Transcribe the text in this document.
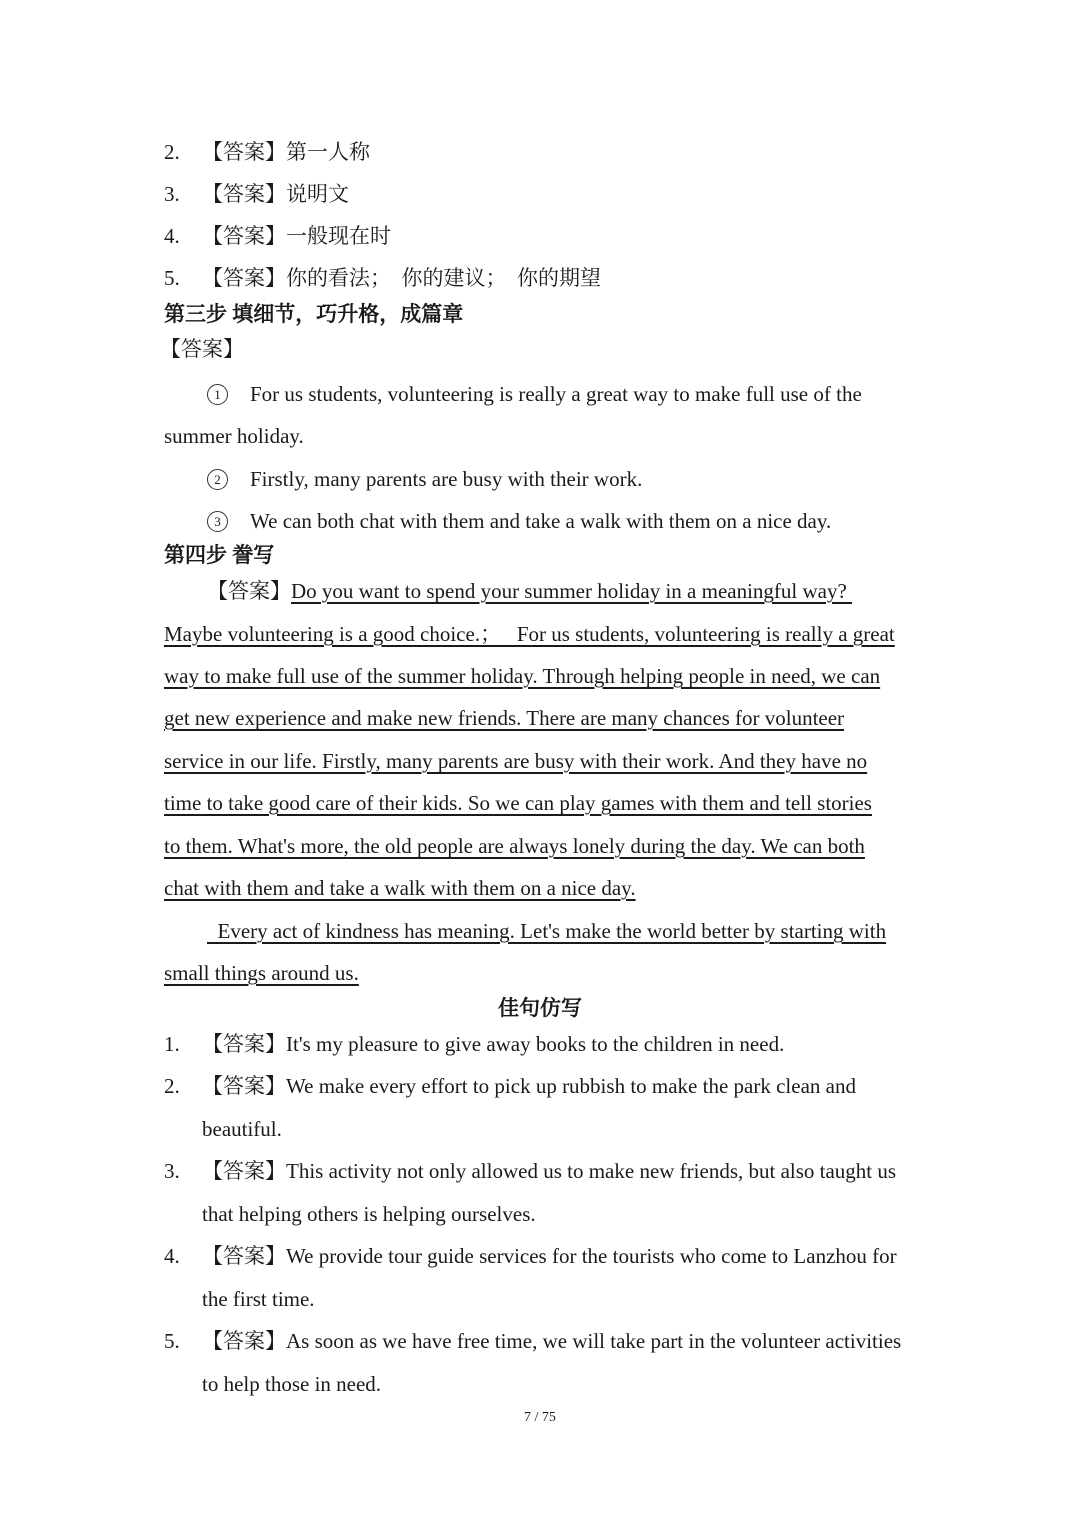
2. 【答案】第一人称
3. 【答案】说明文
4. 【答案】一般现在时
5. 【答案】你的看法；  你的建议；  你的期望
第三步 填细节，巧升格，成篇章
【答案】
1 For us students, volunteering is really a great way to make full use of the
summer holiday.
2 Firstly, many parents are busy with their work.
3 We can both chat with them and take a walk with them on a nice day.
第四步 誊写
【答案】Do you want to spend your summer holiday in a meaningful way?
Maybe volunteering is a good choice.；   For us students, volunteering is really a great
way to make full use of the summer holiday. Through helping people in need, we can
get new experience and make new friends. There are many chances for volunteer
service in our life. Firstly, many parents are busy with their work. And they have no
time to take good care of their kids. So we can play games with them and tell stories
to them. What's more, the old people are always lonely during the day. We can both
chat with them and take a walk with them on a nice day.
Every act of kindness has meaning. Let's make the world better by starting with
small things around us.
佳句仿写
1. 【答案】It's my pleasure to give away books to the children in need.
2. 【答案】We make every effort to pick up rubbish to make the park clean and
beautiful.
3. 【答案】This activity not only allowed us to make new friends, but also taught us
that helping others is helping ourselves.
4. 【答案】We provide tour guide services for the tourists who come to Lanzhou for
the first time.
5. 【答案】As soon as we have free time, we will take part in the volunteer activities
to help those in need.
7 / 75
